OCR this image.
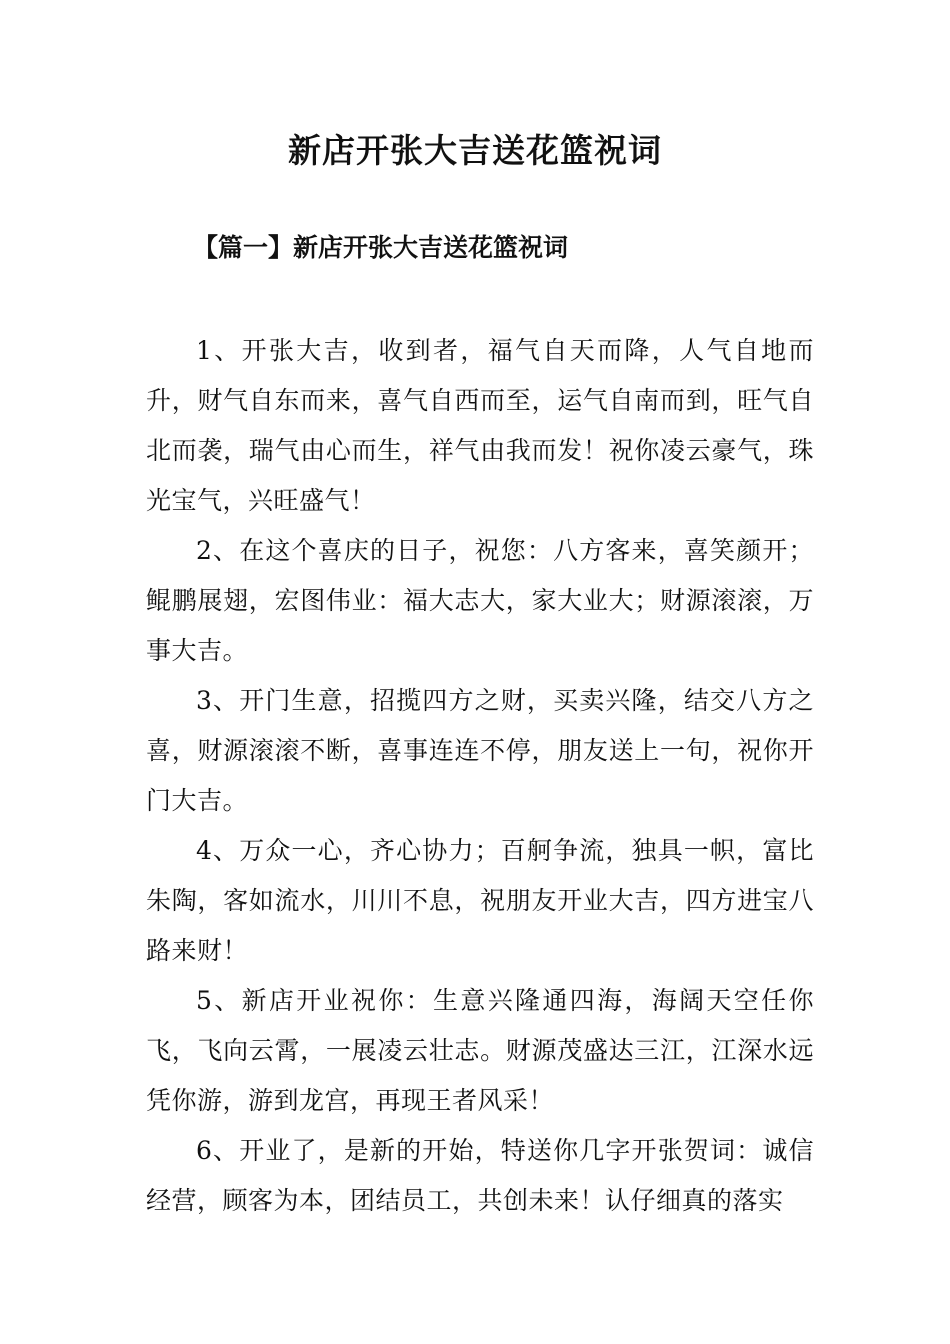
新店开张大吉送花篮祝词
【篇一】新店开张大吉送花篮祝词

1、开张大吉，收到者，福气自天而降，人气自地而升，财气自东而来，喜气自西而至，运气自南而到，旺气自北而袭，瑞气由心而生，祥气由我而发！祝你凌云豪气，珠光宝气，兴旺盛气！

2、在这个喜庆的日子，祝您：八方客来，喜笑颜开；鲲鹏展翅，宏图伟业：福大志大，家大业大；财源滚滚，万事大吉。

3、开门生意，招揽四方之财，买卖兴隆，结交八方之喜，财源滚滚不断，喜事连连不停，朋友送上一句，祝你开门大吉。

4、万众一心，齐心协力；百舸争流，独具一帜，富比朱陶，客如流水，川川不息，祝朋友开业大吉，四方进宝八路来财！

5、新店开业祝你：生意兴隆通四海，海阔天空任你飞，飞向云霄，一展凌云壮志。财源茂盛达三江，江深水远凭你游，游到龙宫，再现王者风采！

6、开业了，是新的开始，特送你几字开张贺词：诚信经营，顾客为本，团结员工，共创未来！认仔细真的落实
